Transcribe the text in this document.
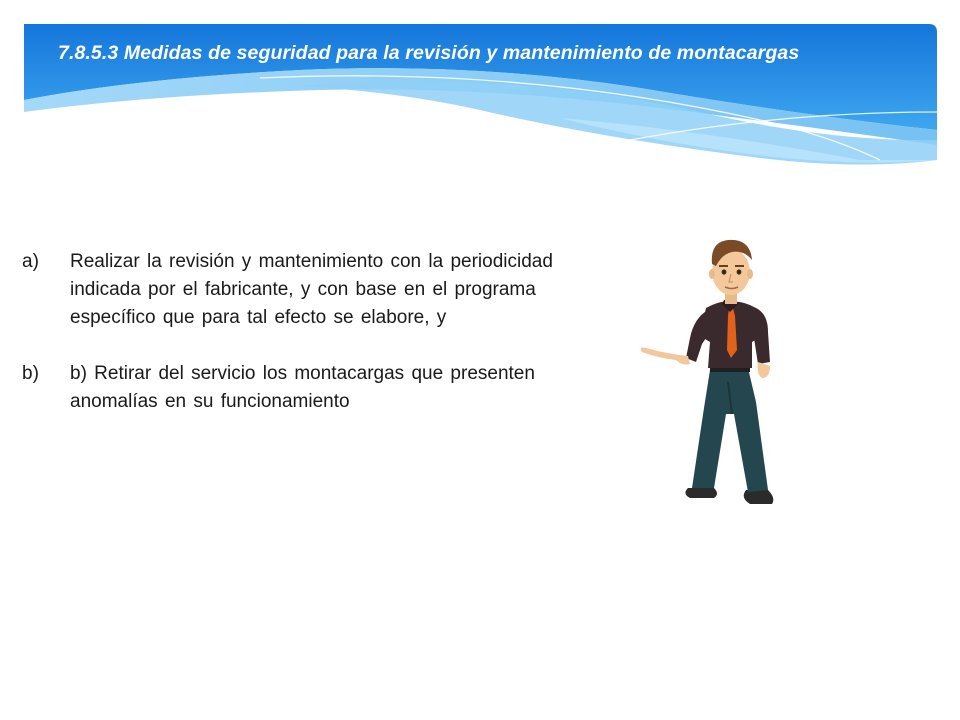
7.8.5.3 Medidas de seguridad para la revisión y mantenimiento de montacargas
a)	Realizar la revisión y mantenimiento con la periodicidad indicada por el fabricante, y con base en el programa específico que para tal efecto se elabore, y
b)	b) Retirar del servicio los montacargas que presenten anomalías en su funcionamiento
